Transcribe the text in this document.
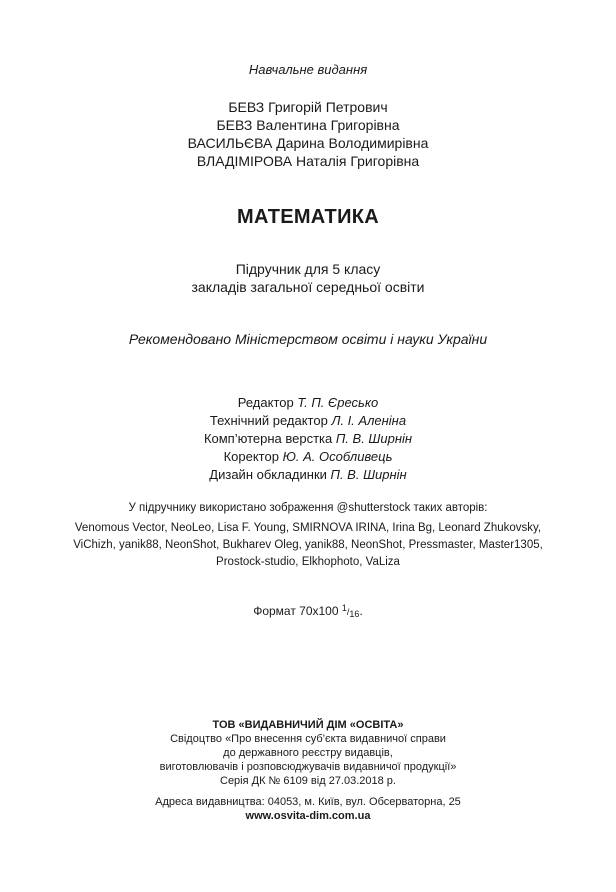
Навчальне видання
БЕВЗ Григорій Петрович
БЕВЗ Валентина Григорівна
ВАСИЛЬЄВА Дарина Володимирівна
ВЛАДІМІРОВА Наталія Григорівна
МАТЕМАТИКА
Підручник для 5 класу
закладів загальної середньої освіти
Рекомендовано Міністерством освіти і науки України
Редактор Т. П. Єресько
Технічний редактор Л. І. Аленіна
Комп’ютерна верстка П. В. Ширнін
Коректор Ю. А. Особливець
Дизайн обкладинки П. В. Ширнін
У підручнику використано зображення @shutterstock таких авторів:
Venomous Vector, NeoLeo, Lisa F. Young, SMIRNOVA IRINA, Irina Bg, Leonard Zhukovsky,
ViChizh, yanik88, NeonShot, Bukharev Oleg, yanik88, NeonShot, Pressmaster, Master1305,
Prostock-studio, Elkhophoto, VaLiza
Формат 70х100 1/16.
ТОВ «ВИДАВНИЧИЙ ДІМ «ОСВІТА»
Свідоцтво «Про внесення суб’єкта видавничої справи
до державного реєстру видавців,
виготовлювачів і розповсюджувачів видавничої продукції»
Серія ДК № 6109 від 27.03.2018 р.
Адреса видавництва: 04053, м. Київ, вул. Обсерваторна, 25
www.osvita-dim.com.ua
